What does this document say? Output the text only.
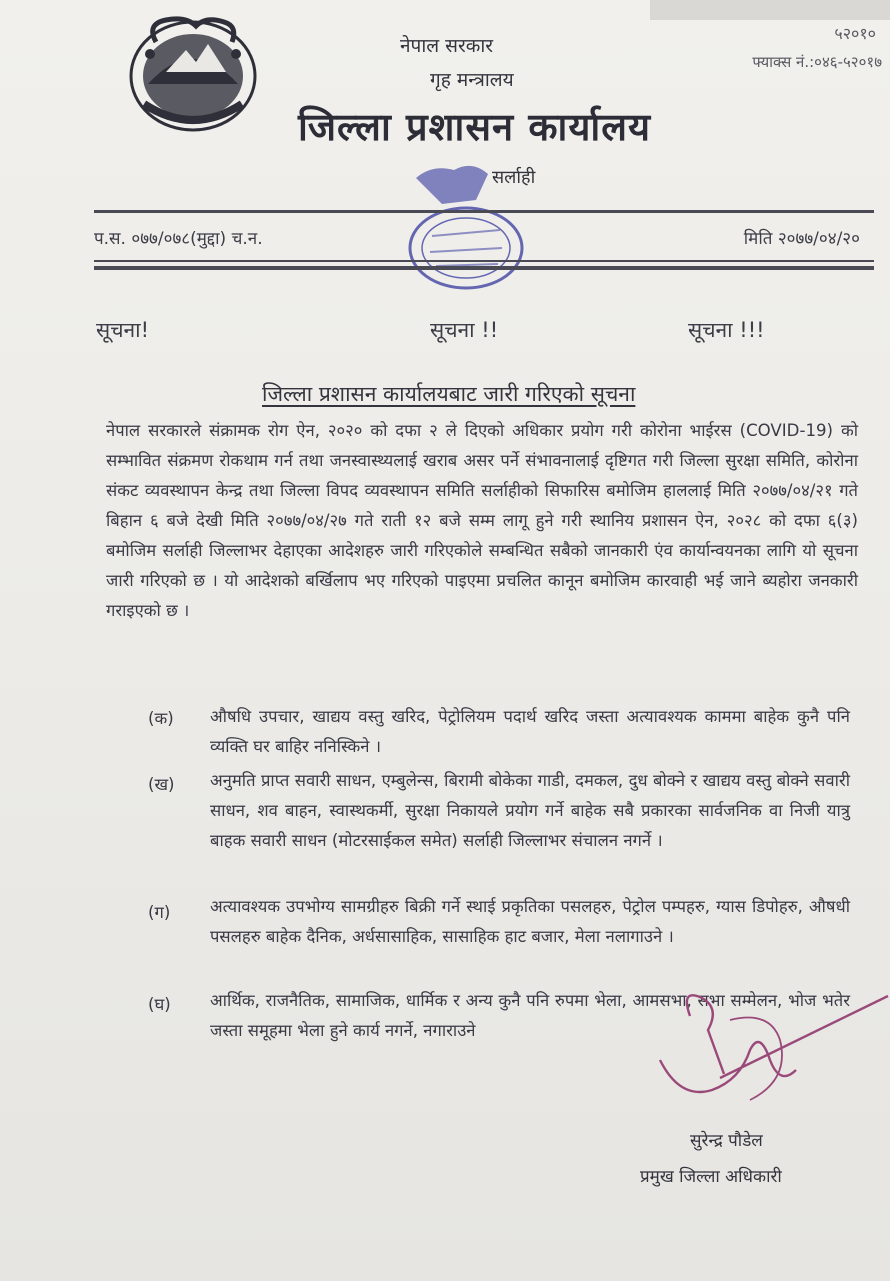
नेपाल सरकार
गृह मन्त्रालय
जिल्ला प्रशासन कार्यालय
सर्लाही
५२०१०
फ्याक्स नं.:०४६-५२०१७
प.स. ०७७/०७८(मुद्दा) च.न.	मिति २०७७/०४/२०
सूचना!	सूचना !!	सूचना !!!
जिल्ला प्रशासन कार्यालयबाट जारी गरिएको सूचना
नेपाल सरकारले संक्रामक रोग ऐन, २०२० को दफा २ ले दिएको अधिकार प्रयोग गरी कोरोना भाईरस (COVID-19) को सम्भावित संक्रमण रोकथाम गर्न तथा जनस्वास्थ्यलाई खराब असर पर्ने संभावनालाई दृष्टिगत गरी जिल्ला सुरक्षा समिति, कोरोना संकट व्यवस्थापन केन्द्र तथा जिल्ला विपद व्यवस्थापन समिति सर्लाहीको सिफारिस बमोजिम हाललाई मिति २०७७/०४/२१ गते बिहान ६ बजे देखी मिति २०७७/०४/२७ गते राती १२ बजे सम्म लागू हुने गरी स्थानिय प्रशासन ऐन, २०२८ को दफा ६(३) बमोजिम सर्लाही जिल्लाभर देहाएका आदेशहरु जारी गरिएकोले सम्बन्धित सबैको जानकारी एंव कार्यान्वयनका लागि यो सूचना जारी गरिएको छ । यो आदेशको बर्खिलाप भए गरिएको पाइएमा प्रचलित कानून बमोजिम कारवाही भई जाने ब्यहोरा जनकारी गराइएको छ ।
(क) औषधि उपचार, खाद्यय वस्तु खरिद, पेट्रोलियम पदार्थ खरिद जस्ता अत्यावश्यक काममा बाहेक कुनै पनि व्यक्ति घर बाहिर ननिस्किने ।
(ख) अनुमति प्राप्त सवारी साधन, एम्बुलेन्स, बिरामी बोकेका गाडी, दमकल, दुध बोक्ने र खाद्यय वस्तु बोक्ने सवारी साधन, शव बाहन, स्वास्थकर्मी, सुरक्षा निकायले प्रयोग गर्ने बाहेक सबै प्रकारका सार्वजनिक वा निजी यात्रु बाहक सवारी साधन (मोटरसाईकल समेत) सर्लाही जिल्लाभर संचालन नगर्ने ।
(ग) अत्यावश्यक उपभोग्य सामग्रीहरु बिक्री गर्ने स्थाई प्रकृतिका पसलहरु, पेट्रोल पम्पहरु, ग्यास डिपोहरु, औषधी पसलहरु बाहेक दैनिक, अर्धसासाहिक, सासाहिक हाट बजार, मेला नलागाउने ।
(घ) आर्थिक, राजनैतिक, सामाजिक, धार्मिक र अन्य कुनै पनि रुपमा भेला, आमसभा, सभा सम्मेलन, भोज भतेर जस्ता समूहमा भेला हुने कार्य नगर्ने, नगाराउने
सुरेन्द्र पौडेल
प्रमुख जिल्ला अधिकारी
